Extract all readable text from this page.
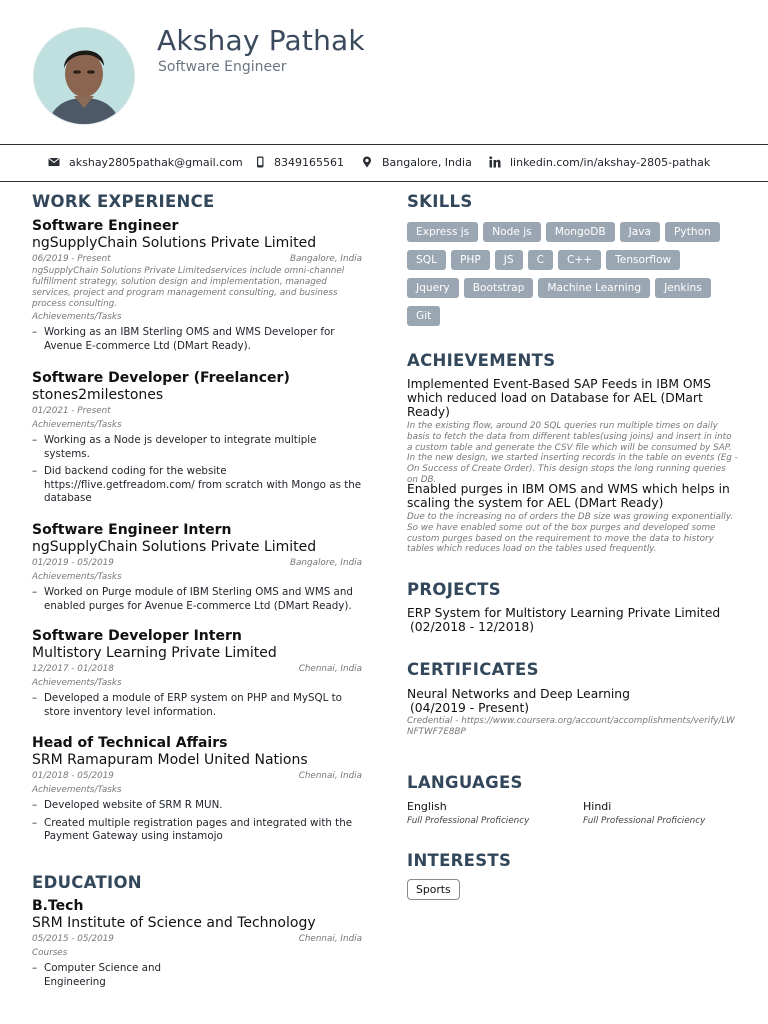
Akshay Pathak
Software Engineer
akshay2805pathak@gmail.com	8349165561	Bangalore, India	linkedin.com/in/akshay-2805-pathak
WORK EXPERIENCE
Software Engineer
ngSupplyChain Solutions Private Limited
06/2019 - Present	Bangalore, India
ngSupplyChain Solutions Private Limitedservices include omni-channel fulfillment strategy, solution design and implementation, managed services, project and program management consulting, and business process consulting.
Achievements/Tasks
– Working as an IBM Sterling OMS and WMS Developer for Avenue E-commerce Ltd (DMart Ready).
Software Developer (Freelancer)
stones2milestones
01/2021 - Present
Achievements/Tasks
– Working as a Node js developer to integrate multiple systems.
– Did backend coding for the website https://flive.getfreadom.com/ from scratch with Mongo as the database
Software Engineer Intern
ngSupplyChain Solutions Private Limited
01/2019 - 05/2019	Bangalore, India
Achievements/Tasks
– Worked on Purge module of IBM Sterling OMS and WMS and enabled purges for Avenue E-commerce Ltd (DMart Ready).
Software Developer Intern
Multistory Learning Private Limited
12/2017 - 01/2018	Chennai, India
Achievements/Tasks
– Developed a module of ERP system on PHP and MySQL to store inventory level information.
Head of Technical Affairs
SRM Ramapuram Model United Nations
01/2018 - 05/2019	Chennai, India
Achievements/Tasks
– Developed website of SRM R MUN.
– Created multiple registration pages and integrated with the Payment Gateway using instamojo
EDUCATION
B.Tech
SRM Institute of Science and Technology
05/2015 - 05/2019	Chennai, India
Courses
– Computer Science and Engineering
SKILLS
Express js Node js MongoDB Java Python
SQL PHP JS C C++ Tensorflow
Jquery Bootstrap Machine Learning Jenkins
Git
ACHIEVEMENTS
Implemented Event-Based SAP Feeds in IBM OMS which reduced load on Database for AEL (DMart Ready)
In the existing flow, around 20 SQL queries run multiple times on daily basis to fetch the data from different tables(using joins) and insert in into a custom table and generate the CSV file which will be consumed by SAP. In the new design, we started inserting records in the table on events (Eg - On Success of Create Order). This design stops the long running queries on DB.
Enabled purges in IBM OMS and WMS which helps in scaling the system for AEL (DMart Ready)
Due to the increasing no of orders the DB size was growing exponentially. So we have enabled some out of the box purges and developed some custom purges based on the requirement to move the data to history tables which reduces load on the tables used frequently.
PROJECTS
ERP System for Multistory Learning Private Limited
(02/2018 - 12/2018)
CERTIFICATES
Neural Networks and Deep Learning
(04/2019 - Present)
Credential - https://www.coursera.org/account/accomplishments/verify/LWNFTWF7E8BP
LANGUAGES
English
Full Professional Proficiency
Hindi
Full Professional Proficiency
INTERESTS
Sports
